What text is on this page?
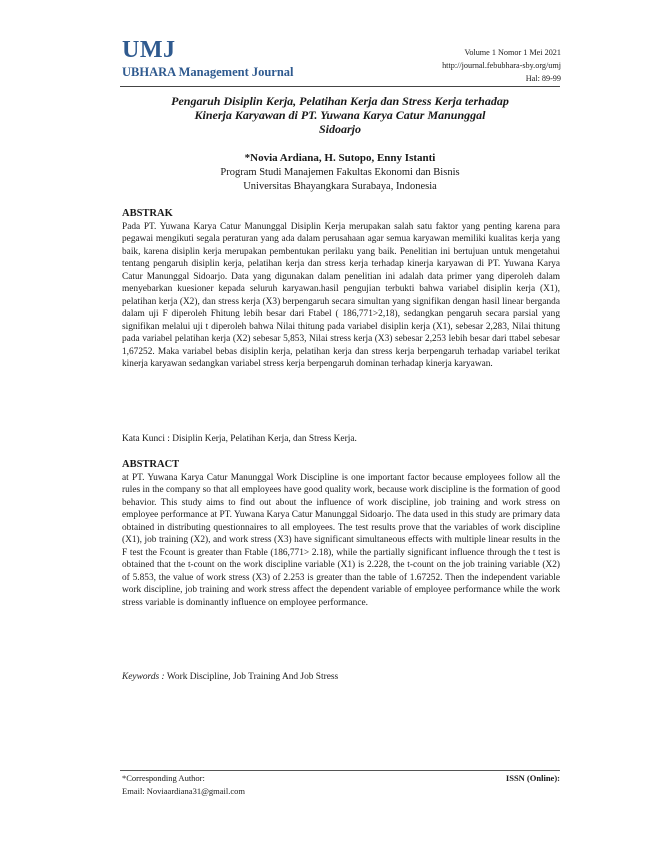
UMJ
UBHARA Management Journal
Volume 1 Nomor 1 Mei 2021
http://journal.febubhara-sby.org/umj
Hal: 89-99
Pengaruh Disiplin Kerja, Pelatihan Kerja dan Stress Kerja terhadap
Kinerja Karyawan di PT. Yuwana Karya Catur Manunggal
Sidoarjo
*Novia Ardiana, H. Sutopo, Enny Istanti
Program Studi Manajemen Fakultas Ekonomi dan Bisnis
Universitas Bhayangkara Surabaya, Indonesia
ABSTRAK
Pada PT. Yuwana Karya Catur Manunggal Disiplin Kerja merupakan salah satu faktor yang penting karena para pegawai mengikuti segala peraturan yang ada dalam perusahaan agar semua karyawan memiliki kualitas kerja yang baik, karena disiplin kerja merupakan pembentukan perilaku yang baik. Penelitian ini bertujuan untuk mengetahui tentang pengaruh disiplin kerja, pelatihan kerja dan stress kerja terhadap kinerja karyawan di PT. Yuwana Karya Catur Manunggal Sidoarjo. Data yang digunakan dalam penelitian ini adalah data primer yang diperoleh dalam menyebarkan kuesioner kepada seluruh karyawan.hasil pengujian terbukti bahwa variabel disiplin kerja (X1), pelatihan kerja (X2), dan stress kerja (X3) berpengaruh secara simultan yang signifikan dengan hasil linear berganda dalam uji F diperoleh Fhitung lebih besar dari Ftabel ( 186,771>2,18), sedangkan pengaruh secara parsial yang signifikan melalui uji t diperoleh bahwa Nilai thitung pada variabel disiplin kerja (X1), sebesar 2,283, Nilai thitung pada variabel pelatihan kerja (X2) sebesar 5,853, Nilai stress kerja (X3) sebesar 2,253 lebih besar dari ttabel sebesar 1,67252. Maka variabel bebas disiplin kerja, pelatihan kerja dan stress kerja berpengaruh terhadap variabel terikat kinerja karyawan sedangkan variabel stress kerja berpengaruh dominan terhadap kinerja karyawan.
Kata Kunci : Disiplin Kerja, Pelatihan Kerja, dan Stress Kerja.
ABSTRACT
at PT. Yuwana Karya Catur Manunggal Work Discipline is one important factor because employees follow all the rules in the company so that all employees have good quality work, because work discipline is the formation of good behavior. This study aims to find out about the influence of work discipline, job training and work stress on employee performance at PT. Yuwana Karya Catur Manunggal Sidoarjo. The data used in this study are primary data obtained in distributing questionnaires to all employees. The test results prove that the variables of work discipline (X1), job training (X2), and work stress (X3) have significant simultaneous effects with multiple linear results in the F test the Fcount is greater than Ftable (186,771> 2.18), while the partially significant influence through the t test is obtained that the t-count on the work discipline variable (X1) is 2.228, the t-count on the job training variable (X2) of 5.853, the value of work stress (X3) of 2.253 is greater than the table of 1.67252. Then the independent variable work discipline, job training and work stress affect the dependent variable of employee performance while the work stress variable is dominantly influence on employee performance.
Keywords : Work Discipline, Job Training And Job Stress
*Corresponding Author:
Email: Noviaardiana31@gmail.com
ISSN (Online):
